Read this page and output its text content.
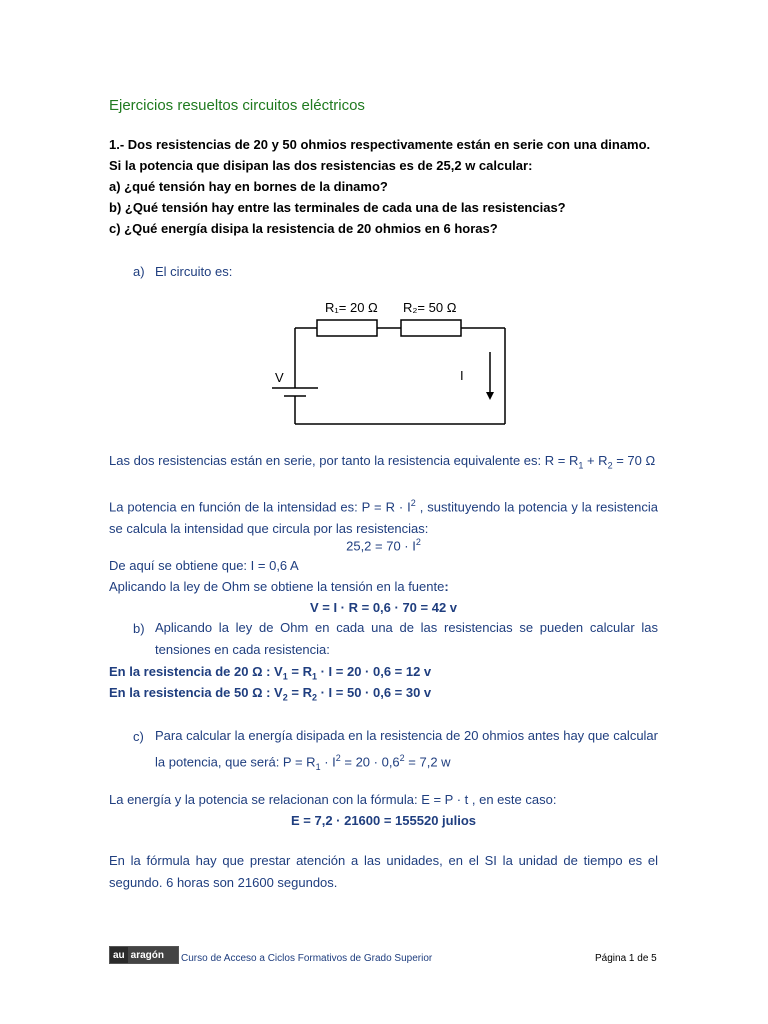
Ejercicios resueltos circuitos eléctricos
1.- Dos resistencias de 20 y 50 ohmios respectivamente están en serie con una dinamo.
Si la potencia que disipan las dos resistencias es de 25,2 w calcular:
a) ¿qué tensión hay en bornes de la dinamo?
b) ¿Qué tensión hay entre las terminales de cada una de las resistencias?
c) ¿Qué energía disipa la resistencia de 20 ohmios en 6 horas?
a) El circuito es:
R₁= 20 Ω R₂= 50 Ω
V	I
Las dos resistencias están en serie, por tanto la resistencia equivalente es: $R = R_1 + R_2 = 70$ Ω
La potencia en función de la intensidad es: $P = R \cdot I^2$ , sustituyendo la potencia y la resistencia se calcula la intensidad que circula por las resistencias:
$25,2 = 70 \cdot I^2$
De aquí se obtiene que: I = 0,6 A
Aplicando la ley de Ohm se obtiene la tensión en la fuente:
V = I · R = 0,6 · 70 = 42 v
b) Aplicando la ley de Ohm en cada una de las resistencias se pueden calcular las tensiones en cada resistencia:
En la resistencia de 20 Ω : $V_1 = R_1 \cdot I = 20 \cdot 0,6 = 12$ v
En la resistencia de 50 Ω : $V_2 = R_2 \cdot I = 50 \cdot 0,6 = 30$ v
c) Para calcular la energía disipada en la resistencia de 20 ohmios antes hay que calcular la potencia, que será: $P = R_1 \cdot I^2 = 20 \cdot 0,6^2 = 7,2$ w
La energía y la potencia se relacionan con la fórmula: E = P · t , en este caso:
E = 7,2 · 21600 = 155520 julios
En la fórmula hay que prestar atención a las unidades, en el SI la unidad de tiempo es el segundo. 6 horas son 21600 segundos.
au aragón	Curso de Acceso a Ciclos Formativos de Grado Superior	Página 1 de 5
